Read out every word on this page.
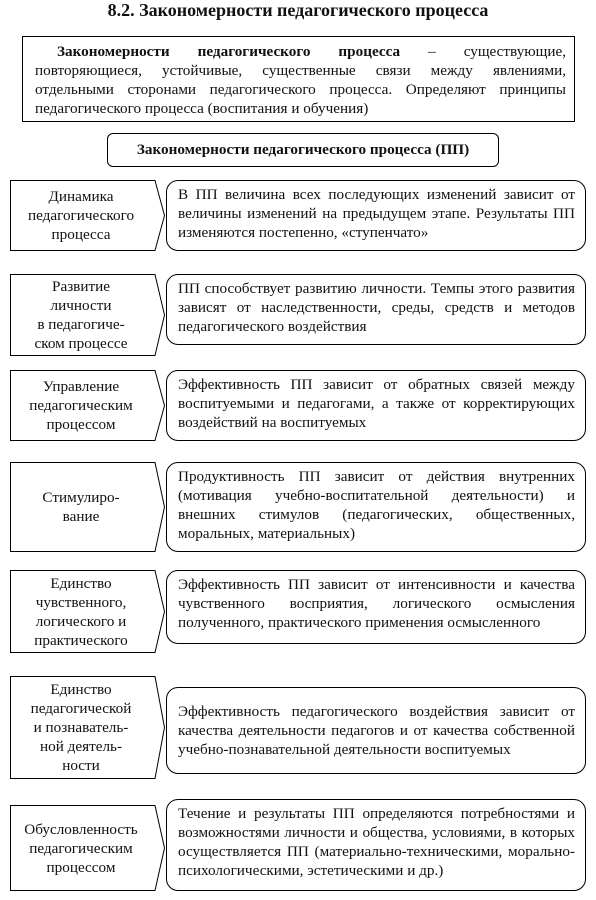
8.2. Закономерности педагогического процесса
Закономерности педагогического процесса – существующие, повторяющиеся, устойчивые, существенные связи между явлениями, отдельными сторонами педагогического процесса. Определяют принципы педагогического процесса (воспитания и обучения)
Закономерности педагогического процесса (ПП)
Динамика
педагогического
процесса
В ПП величина всех последующих изменений зависит от величины изменений на предыдущем этапе. Результаты ПП изменяются постепенно, «ступенчато»
Развитие
личности
в педагогиче-
ском процессе
ПП способствует развитию личности. Темпы этого развития зависят от наследственности, среды, средств и методов педагогического воздействия
Управление
педагогическим
процессом
Эффективность ПП зависит от обратных связей между воспитуемыми и педагогами, а также от корректирующих воздействий на воспитуемых
Стимулиро-
вание
Продуктивность ПП зависит от действия внутренних (мотивация учебно-воспитательной деятельности) и внешних стимулов (педагогических, общественных, моральных, материальных)
Единство
чувственного,
логического и
практического
Эффективность ПП зависит от интенсивности и качества чувственного восприятия, логического осмысления полученного, практического применения осмысленного
Единство
педагогической
и познаватель-
ной деятель-
ности
Эффективность педагогического воздействия зависит от качества деятельности педагогов и от качества собственной учебно-познавательной деятельности воспитуемых
Обусловленность
педагогическим
процессом
Течение и результаты ПП определяются потребностями и возможностями личности и общества, условиями, в которых осуществляется ПП (материально-техническими, морально-психологическими, эстетическими и др.)
